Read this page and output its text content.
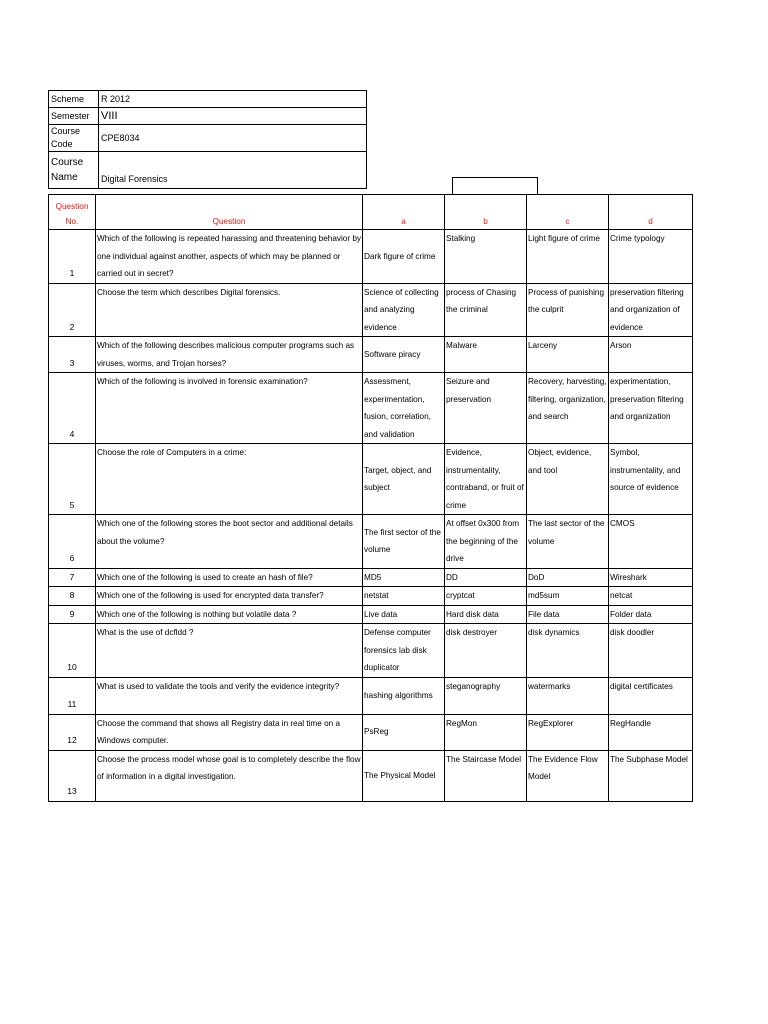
Scheme	R 2012
Semester	VIII
Course Code	CPE8034
Course Name	Digital Forensics
Question No.	Question	a	b	c	d
1	Which of the following is repeated harassing and threatening behavior by one individual against another, aspects of which may be planned or carried out in secret?	Dark figure of crime	Stalking	Light figure of crime	Crime typology
2	Choose the term which describes Digital forensics.	Science of collecting and analyzing evidence	process of Chasing the criminal	Process of punishing the culprit	preservation filtering and organization of evidence
3	Which of the following describes malicious computer programs such as viruses, worms, and Trojan horses?	Software piracy	Malware	Larceny	Arson
4	Which of the following is involved in forensic examination?	Assessment, experimentation, fusion, correlation, and validation	Seizure and preservation	Recovery, harvesting, filtering, organization, and search	experimentation, preservation filtering and organization
5	Choose the role of Computers in a crime:	Target, object, and subject	Evidence, instrumentality, contraband, or fruit of crime	Object, evidence, and tool	Symbol, instrumentality, and source of evidence
6	Which one of the following stores the boot sector and additional details about the volume?	The first sector of the volume	At offset 0x300 from the beginning of the drive	The last sector of the volume	CMOS
7	Which one of the following is used to create an hash of file?	MD5	DD	DoD	Wireshark
8	Which one of the following is used for encrypted data transfer?	netstat	cryptcat	md5sum	netcat
9	Which one of the following is nothing but volatile data ?	Live data	Hard disk data	File data	Folder data
10	What is the use of dcfldd ?	Defense computer forensics lab disk duplicator	disk destroyer	disk dynamics	disk doodler
11	What is used to validate the tools and verify the evidence integrity?	hashing algorithms	steganography	watermarks	digital certificates
12	Choose the command that shows all Registry data in real time on a Windows computer.	PsReg	RegMon	RegExplorer	RegHandle
13	Choose the process model whose goal is to completely describe the flow of information in a digital investigation.	The Physical Model	The Staircase Model	The Evidence Flow Model	The Subphase Model
